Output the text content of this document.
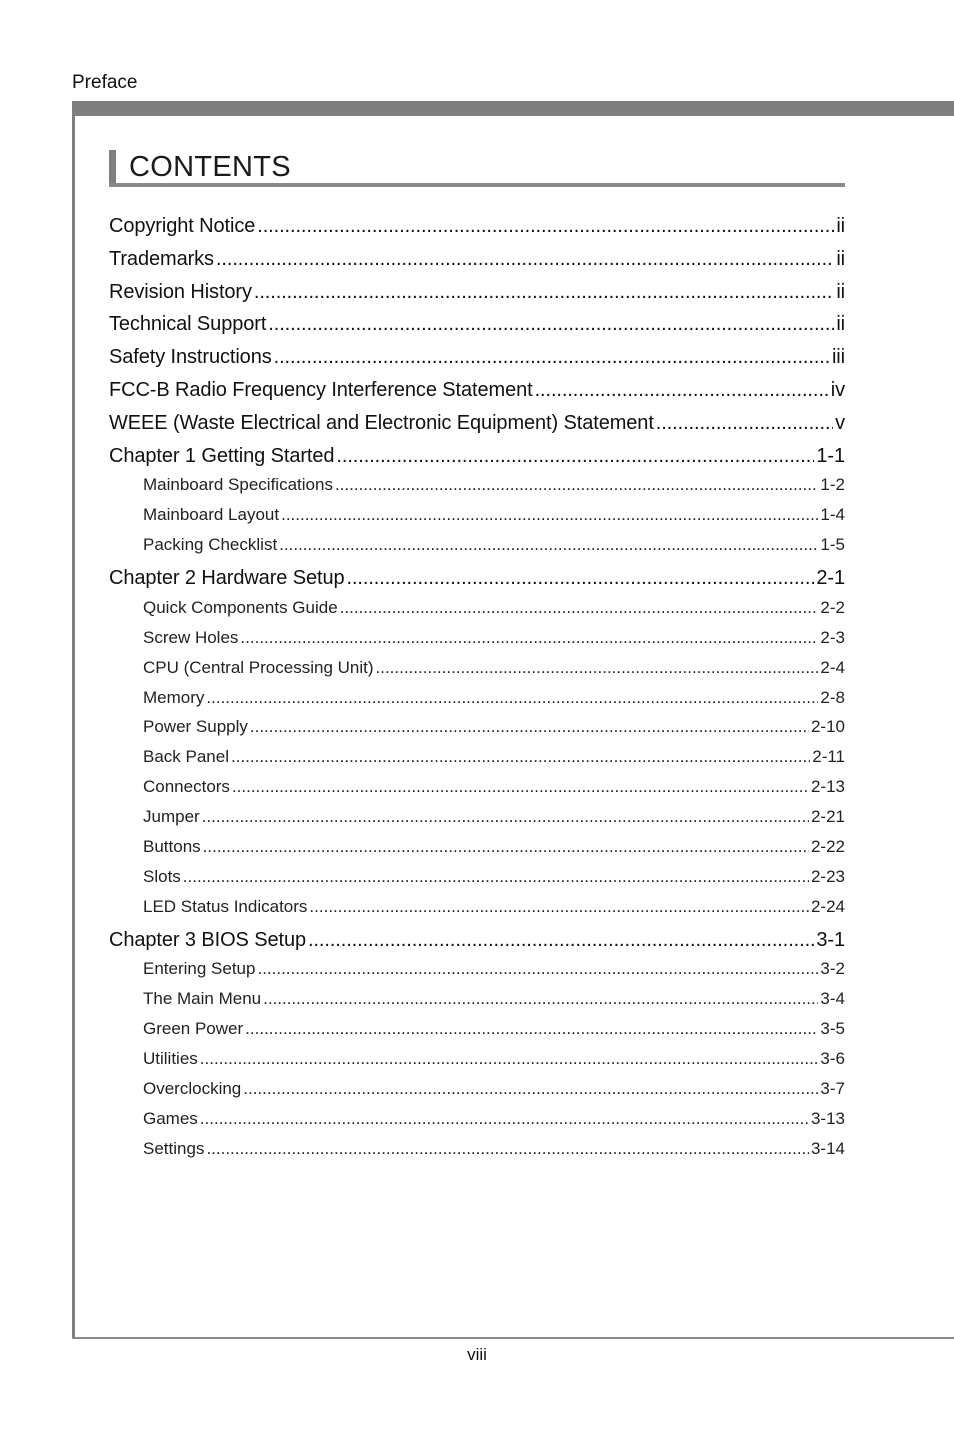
Preface
CONTENTS
Copyright Notice .....	ii
Trademarks .....	ii
Revision History .....	ii
Technical Support .....	ii
Safety Instructions .....	iii
FCC-B Radio Frequency Interference Statement .....	iv
WEEE (Waste Electrical and Electronic Equipment) Statement .....	v
Chapter 1 Getting Started .....	1-1
Mainboard Specifications .....	1-2
Mainboard Layout .....	1-4
Packing Checklist .....	1-5
Chapter 2 Hardware Setup .....	2-1
Quick Components Guide .....	2-2
Screw Holes .....	2-3
CPU (Central Processing Unit) .....	2-4
Memory .....	2-8
Power Supply .....	2-10
Back Panel .....	2-11
Connectors .....	2-13
Jumper .....	2-21
Buttons .....	2-22
Slots .....	2-23
LED Status Indicators .....	2-24
Chapter 3 BIOS Setup .....	3-1
Entering Setup .....	3-2
The Main Menu .....	3-4
Green Power .....	3-5
Utilities .....	3-6
Overclocking .....	3-7
Games .....	3-13
Settings .....	3-14
viii
